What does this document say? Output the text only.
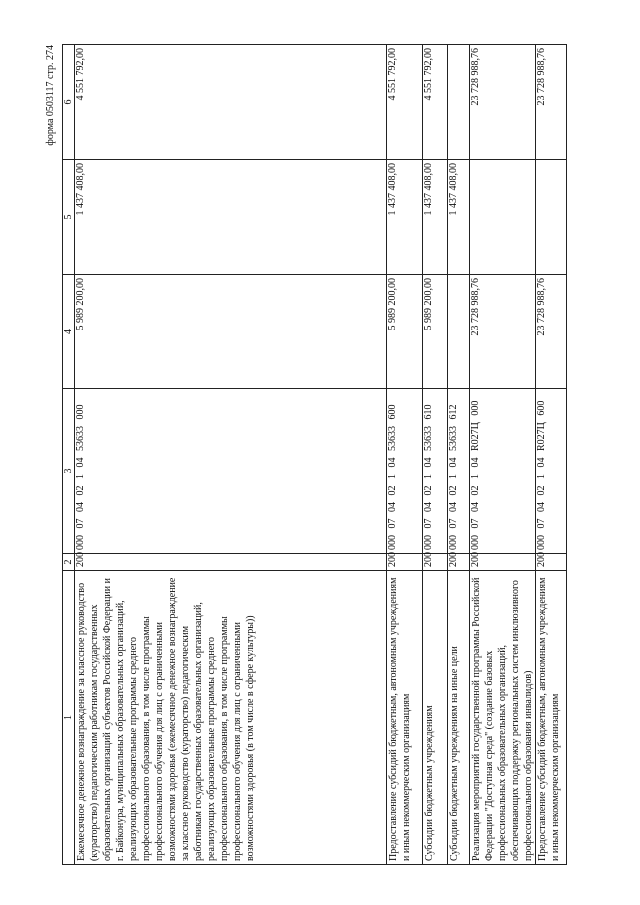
форма 0503117 стр. 274
1	2	3	4	5	6
Ежемесячное денежное вознаграждение за классное руководство (кураторство) педагогическим работникам государственных образовательных организаций субъектов Российской Федерации и г. Байконура, муниципальных образовательных организаций, реализующих образовательные программы среднего профессионального образования, в том числе программы профессионального обучения для лиц с ограниченными возможностями здоровья (ежемесячное денежное вознаграждение за классное руководство (кураторство) педагогическим работникам государственных образовательных организаций, реализующих образовательные программы среднего профессионального образования, в том числе программы профессионального обучения для лиц с ограниченными возможностями здоровья (в том числе в сфере культуры))	200	000 07 04 02 1 04 53633 000	5 989 200,00	1 437 408,00	4 551 792,00
Предоставление субсидий бюджетным, автономным учреждениям и иным некоммерческим организациям	200	000 07 04 02 1 04 53633 600	5 989 200,00	1 437 408,00	4 551 792,00
Субсидии бюджетным учреждениям	200	000 07 04 02 1 04 53633 610	5 989 200,00	1 437 408,00	4 551 792,00
Субсидии бюджетным учреждениям на иные цели	200	000 07 04 02 1 04 53633 612		1 437 408,00	
Реализация мероприятий государственной программы Российской Федерации "Доступная среда" (создание базовых профессиональных образовательных организаций, обеспечивающих поддержку региональных систем инклюзивного профессионального образования инвалидов)	200	000 07 04 02 1 04 R027Ц 000	23 728 988,76		23 728 988,76
Предоставление субсидий бюджетным, автономным учреждениям и иным некоммерческим организациям	200	000 07 04 02 1 04 R027Ц 600	23 728 988,76		23 728 988,76
